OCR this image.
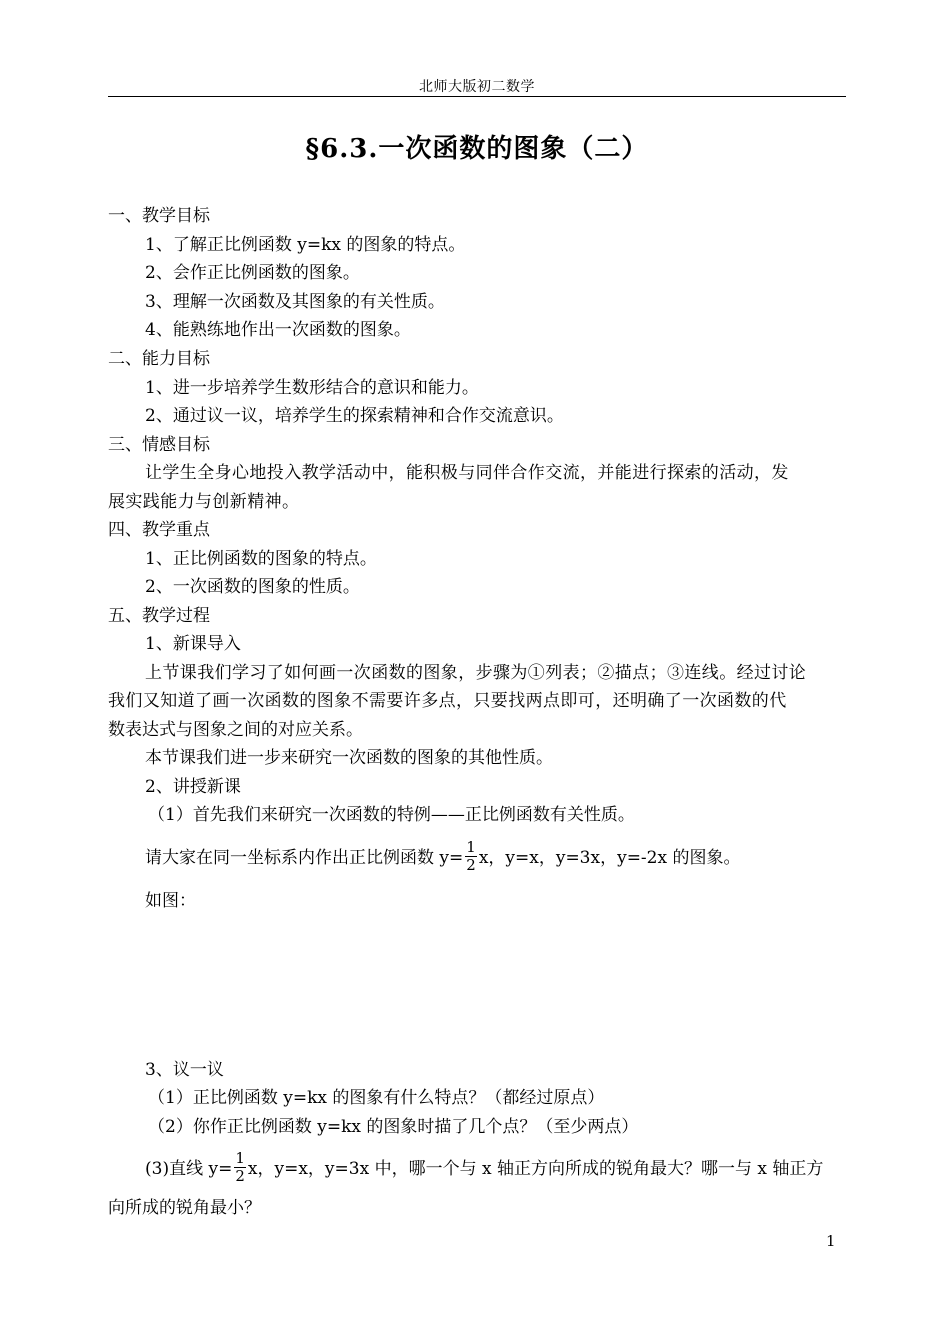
北师大版初二数学
§6.3.一次函数的图象（二）
一、教学目标
1、了解正比例函数 y=kx 的图象的特点。
2、会作正比例函数的图象。
3、理解一次函数及其图象的有关性质。
4、能熟练地作出一次函数的图象。
二、能力目标
1、进一步培养学生数形结合的意识和能力。
2、通过议一议，培养学生的探索精神和合作交流意识。
三、情感目标
让学生全身心地投入教学活动中，能积极与同伴合作交流，并能进行探索的活动，发
展实践能力与创新精神。
四、教学重点
1、正比例函数的图象的特点。
2、一次函数的图象的性质。
五、教学过程
1、新课导入
上节课我们学习了如何画一次函数的图象，步骤为①列表；②描点；③连线。经过讨论
我们又知道了画一次函数的图象不需要许多点，只要找两点即可，还明确了一次函数的代
数表达式与图象之间的对应关系。
本节课我们进一步来研究一次函数的图象的其他性质。
2、讲授新课
（1）首先我们来研究一次函数的特例——正比例函数有关性质。
请大家在同一坐标系内作出正比例函数 $y= \frac{1}{2}$ x，y=x，y=3x，y=-2x 的图象。
如图：
3、议一议
（1）正比例函数 y=kx 的图象有什么特点？（都经过原点）
（2）你作正比例函数 y=kx 的图象时描了几个点？（至少两点）
(3)直线 $y= \frac{1}{2}$ x，y=x，y=3x 中，哪一个与 x 轴正方向所成的锐角最大？哪一与 x 轴正方
向所成的锐角最小？
1
